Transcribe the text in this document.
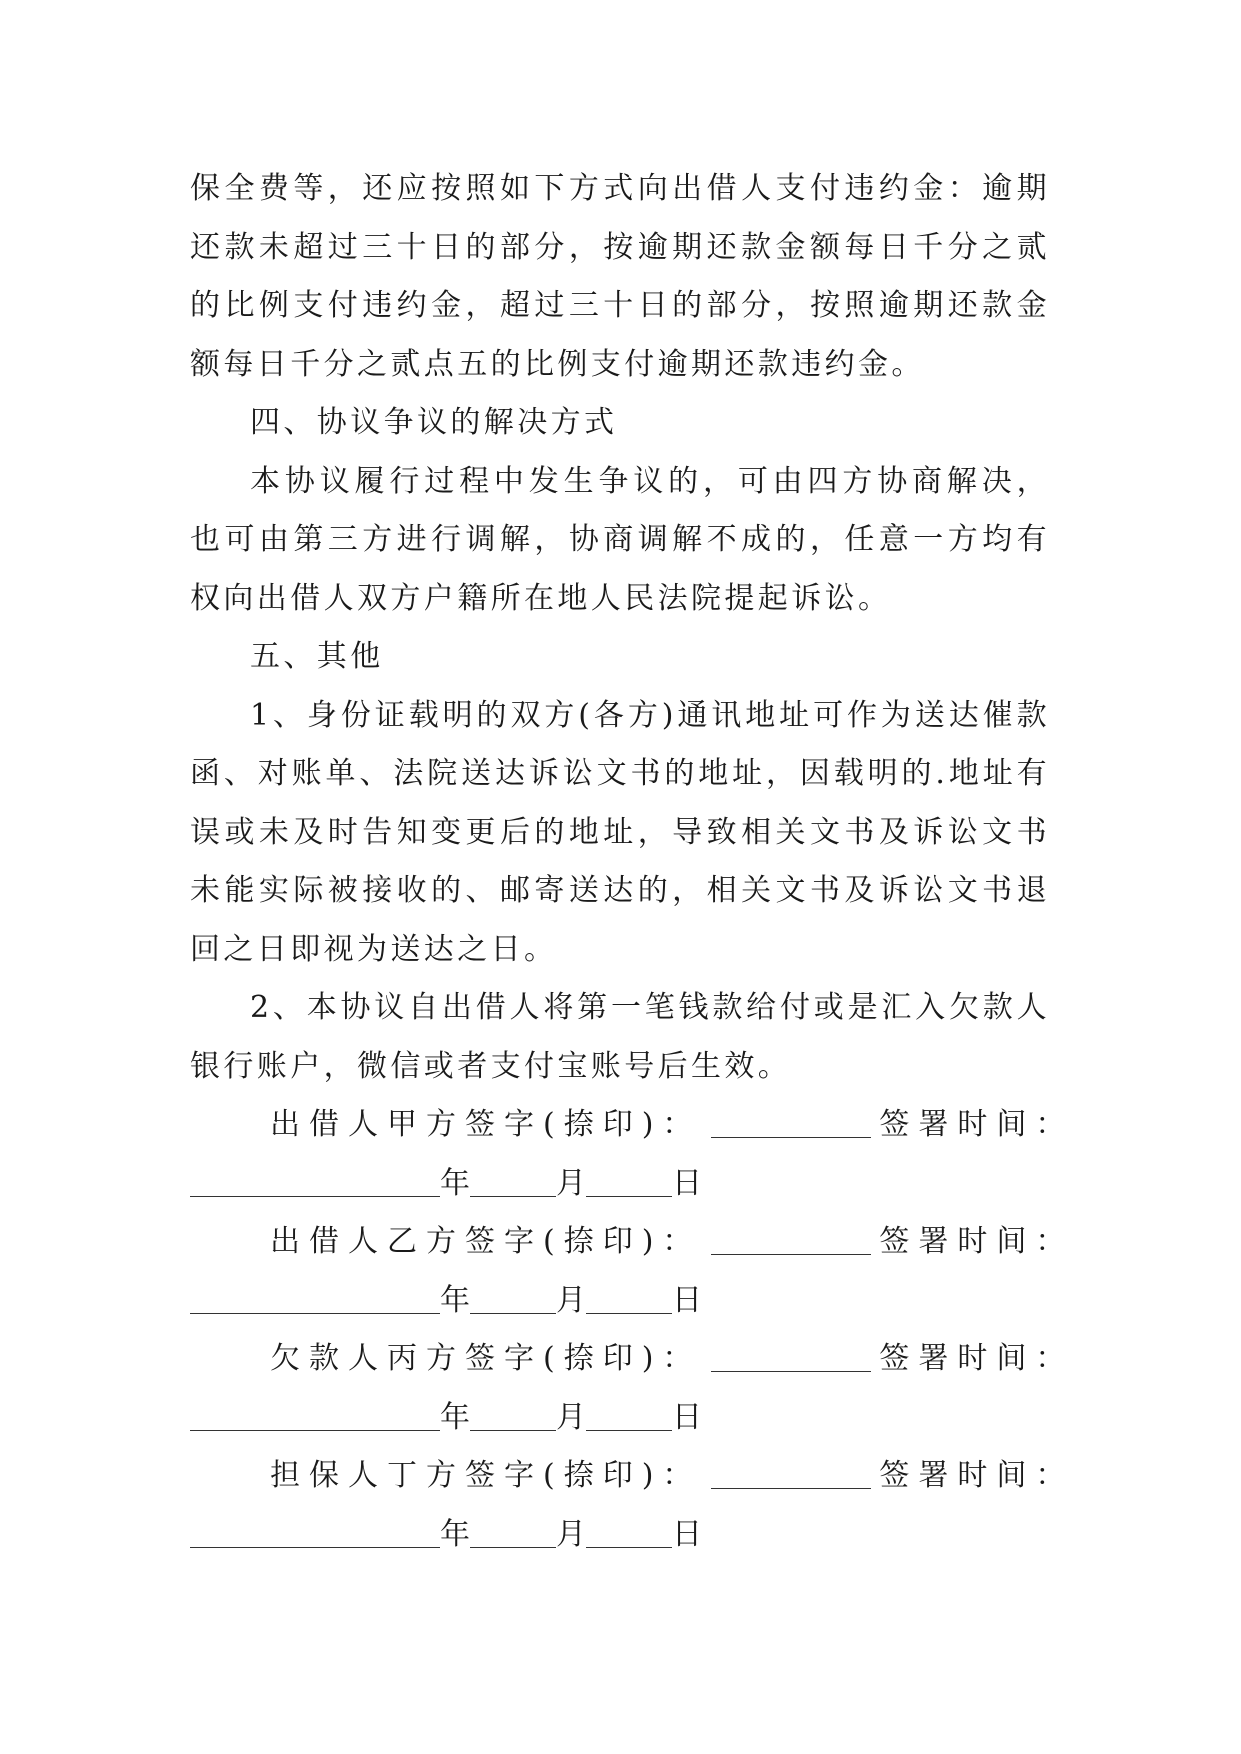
保全费等，还应按照如下方式向出借人支付违约金：逾期还款未超过三十日的部分，按逾期还款金额每日千分之贰的比例支付违约金，超过三十日的部分，按照逾期还款金额每日千分之贰点五的比例支付逾期还款违约金。

四、协议争议的解决方式

本协议履行过程中发生争议的，可由四方协商解决，也可由第三方进行调解，协商调解不成的，任意一方均有权向出借人双方户籍所在地人民法院提起诉讼。

五、其他

1、身份证载明的双方(各方)通讯地址可作为送达催款函、对账单、法院送达诉讼文书的地址，因载明的.地址有误或未及时告知变更后的地址，导致相关文书及诉讼文书未能实际被接收的、邮寄送达的，相关文书及诉讼文书退回之日即视为送达之日。

2、本协议自出借人将第一笔钱款给付或是汇入欠款人银行账户，微信或者支付宝账号后生效。

出借人甲方签字(捺印)：	签署时间：
年	月	日
出借人乙方签字(捺印)：	签署时间：
年	月	日
欠款人丙方签字(捺印)：	签署时间：
年	月	日
担保人丁方签字(捺印)：	签署时间：
年	月	日
